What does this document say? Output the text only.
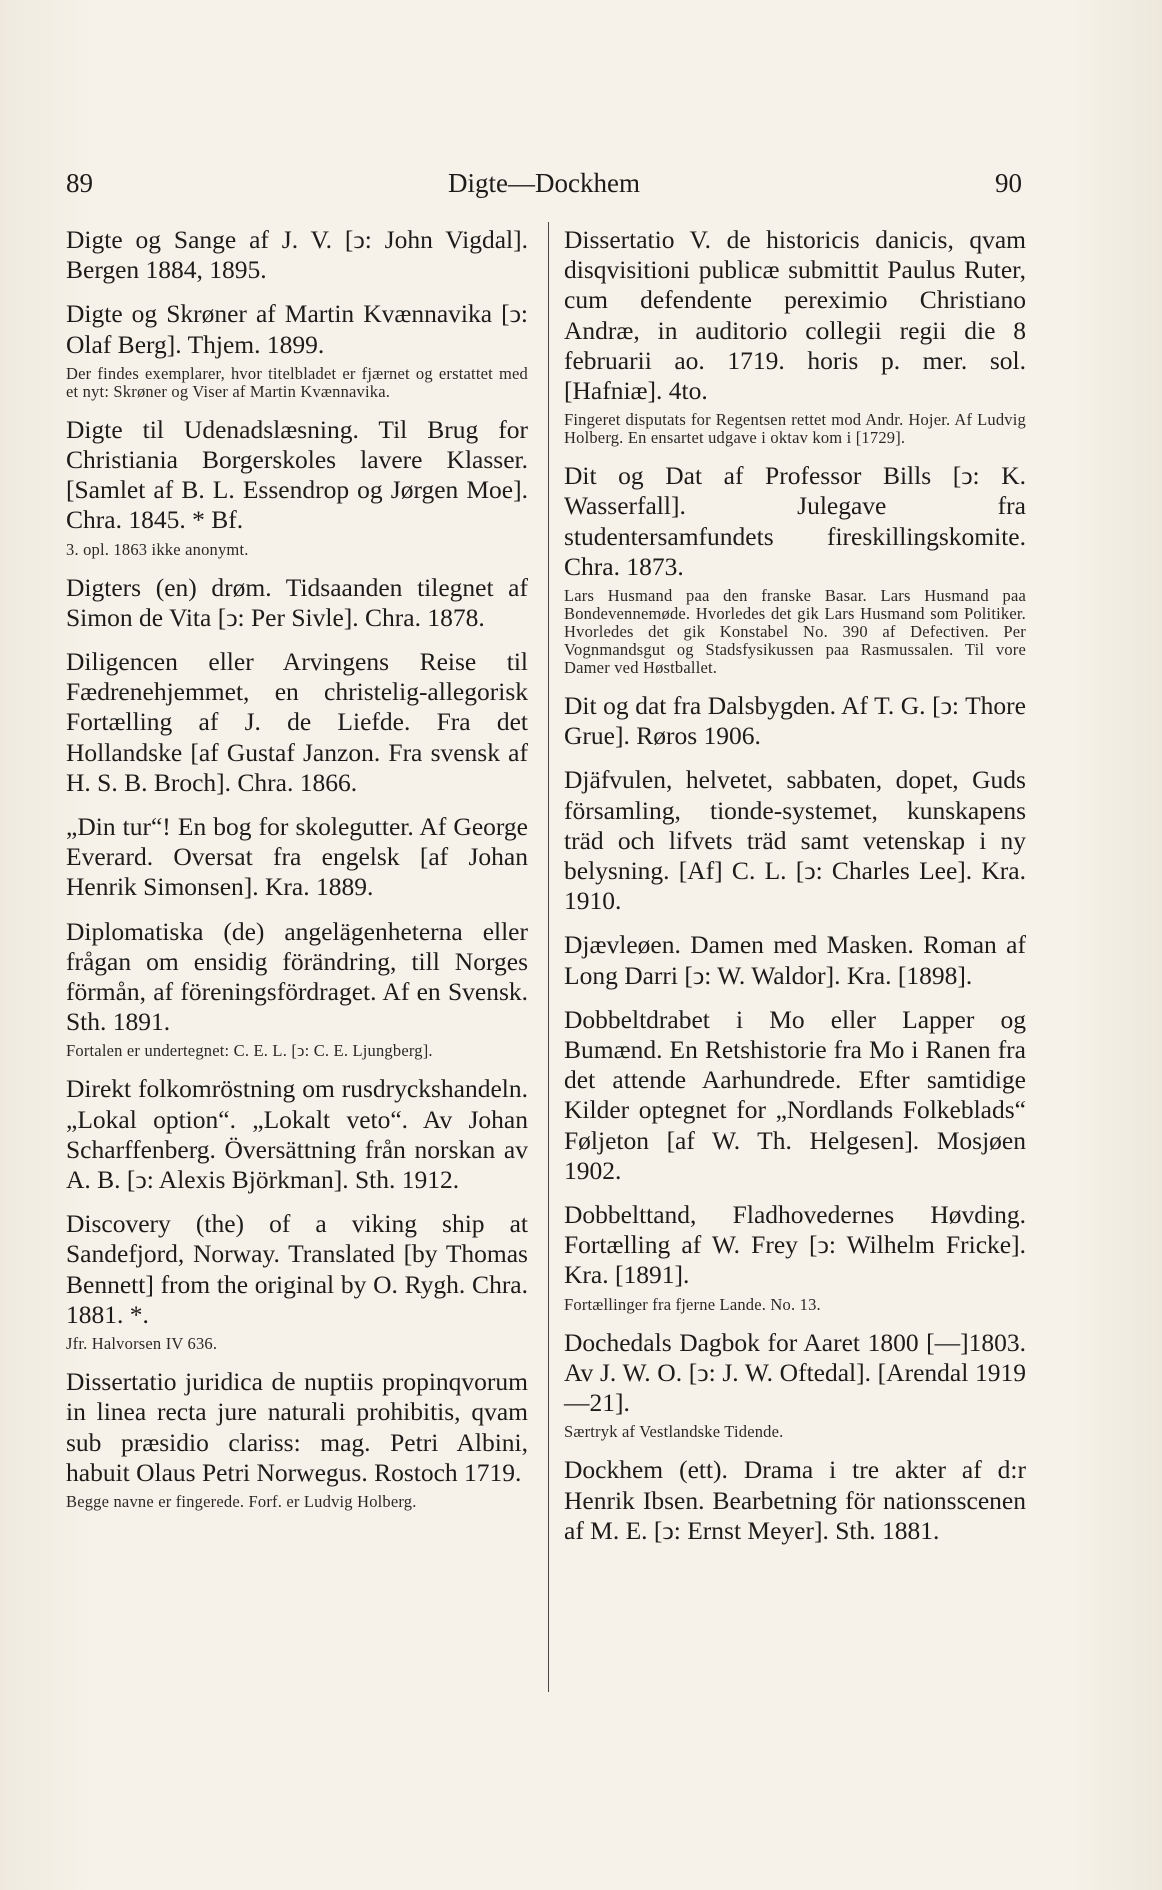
89	Digte—Dockhem	90
Digte og Sange af J. V. [ↄ: John Vigdal]. Bergen 1884, 1895.
Digte og Skrøner af Martin Kvænnavika [ↄ: Olaf Berg]. Thjem. 1899.
Der findes exemplarer, hvor titelbladet er fjærnet og erstattet med et nyt: Skrøner og Viser af Martin Kvænnavika.
Digte til Udenadslæsning. Til Brug for Christiania Borgerskoles lavere Klasser. [Samlet af B. L. Essendrop og Jørgen Moe]. Chra. 1845. * Bf.
3. opl. 1863 ikke anonymt.
Digters (en) drøm. Tidsaanden tilegnet af Simon de Vita [ↄ: Per Sivle]. Chra. 1878.
Diligencen eller Arvingens Reise til Fædrenehjemmet, en christelig-allegorisk Fortælling af J. de Liefde. Fra det Hollandske [af Gustaf Janzon. Fra svensk af H. S. B. Broch]. Chra. 1866.
„Din tur“! En bog for skolegutter. Af George Everard. Oversat fra engelsk [af Johan Henrik Simonsen]. Kra. 1889.
Diplomatiska (de) angelägenheterna eller frågan om ensidig förändring, till Norges förmån, af föreningsfördraget. Af en Svensk. Sth. 1891.
Fortalen er undertegnet: C. E. L. [ↄ: C. E. Ljungberg].
Direkt folkomröstning om rusdryckshandeln. „Lokal option“. „Lokalt veto“. Av Johan Scharffenberg. Översättning från norskan av A. B. [ↄ: Alexis Björkman]. Sth. 1912.
Discovery (the) of a viking ship at Sandefjord, Norway. Translated [by Thomas Bennett] from the original by O. Rygh. Chra. 1881. *.
Jfr. Halvorsen IV 636.
Dissertatio juridica de nuptiis propinqvorum in linea recta jure naturali prohibitis, qvam sub præsidio clariss: mag. Petri Albini, habuit Olaus Petri Norwegus. Rostoch 1719.
Begge navne er fingerede. Forf. er Ludvig Holberg.
Dissertatio V. de historicis danicis, qvam disqvisitioni publicæ submittit Paulus Ruter, cum defendente pereximio Christiano Andræ, in auditorio collegii regii die 8 februarii ao. 1719. horis p. mer. sol. [Hafniæ]. 4to.
Fingeret disputats for Regentsen rettet mod Andr. Hojer. Af Ludvig Holberg. En ensartet udgave i oktav kom i [1729].
Dit og Dat af Professor Bills [ↄ: K. Wasserfall]. Julegave fra studentersamfundets fireskillingskomite. Chra. 1873.
Lars Husmand paa den franske Basar. Lars Husmand paa Bondevennemøde. Hvorledes det gik Lars Husmand som Politiker. Hvorledes det gik Konstabel No. 390 af Defectiven. Per Vognmandsgut og Stadsfysikussen paa Rasmussalen. Til vore Damer ved Høstballet.
Dit og dat fra Dalsbygden. Af T. G. [ↄ: Thore Grue]. Røros 1906.
Djäfvulen, helvetet, sabbaten, dopet, Guds församling, tionde-systemet, kunskapens träd och lifvets träd samt vetenskap i ny belysning. [Af] C. L. [ↄ: Charles Lee]. Kra. 1910.
Djævleøen. Damen med Masken. Roman af Long Darri [ↄ: W. Waldor]. Kra. [1898].
Dobbeltdrabet i Mo eller Lapper og Bumænd. En Retshistorie fra Mo i Ranen fra det attende Aarhundrede. Efter samtidige Kilder optegnet for „Nordlands Folkeblads“ Føljeton [af W. Th. Helgesen]. Mosjøen 1902.
Dobbelttand, Fladhovedernes Høvding. Fortælling af W. Frey [ↄ: Wilhelm Fricke]. Kra. [1891].
Fortællinger fra fjerne Lande. No. 13.
Dochedals Dagbok for Aaret 1800 [—]1803. Av J. W. O. [ↄ: J. W. Oftedal]. [Arendal 1919—21].
Særtryk af Vestlandske Tidende.
Dockhem (ett). Drama i tre akter af d:r Henrik Ibsen. Bearbetning för nationsscenen af M. E. [ↄ: Ernst Meyer]. Sth. 1881.
